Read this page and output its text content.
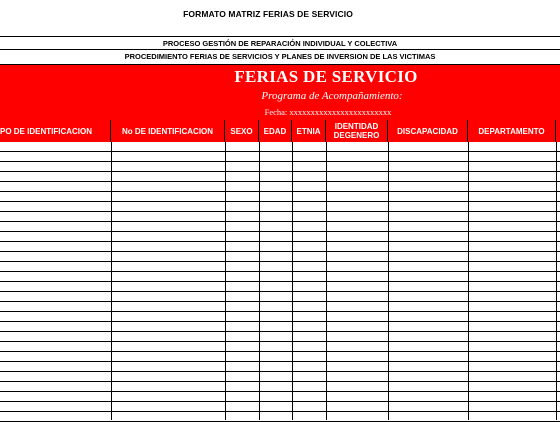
FORMATO MATRIZ FERIAS DE SERVICIO
PROCESO GESTIÓN DE REPARACIÓN INDIVIDUAL Y COLECTIVA
PROCEDIMIENTO FERIAS DE SERVICIOS Y PLANES DE INVERSION DE LAS VICTIMAS
FERIAS DE SERVICIO
Programa de Acompañamiento:
Fecha: xxxxxxxxxxxxxxxxxxxxxxxx
PO DE IDENTIFICACION	No DE IDENTIFICACION	SEXO	EDAD	ETNIA	IDENTIDAD DEGENERO	DISCAPACIDAD	DEPARTAMENTO
